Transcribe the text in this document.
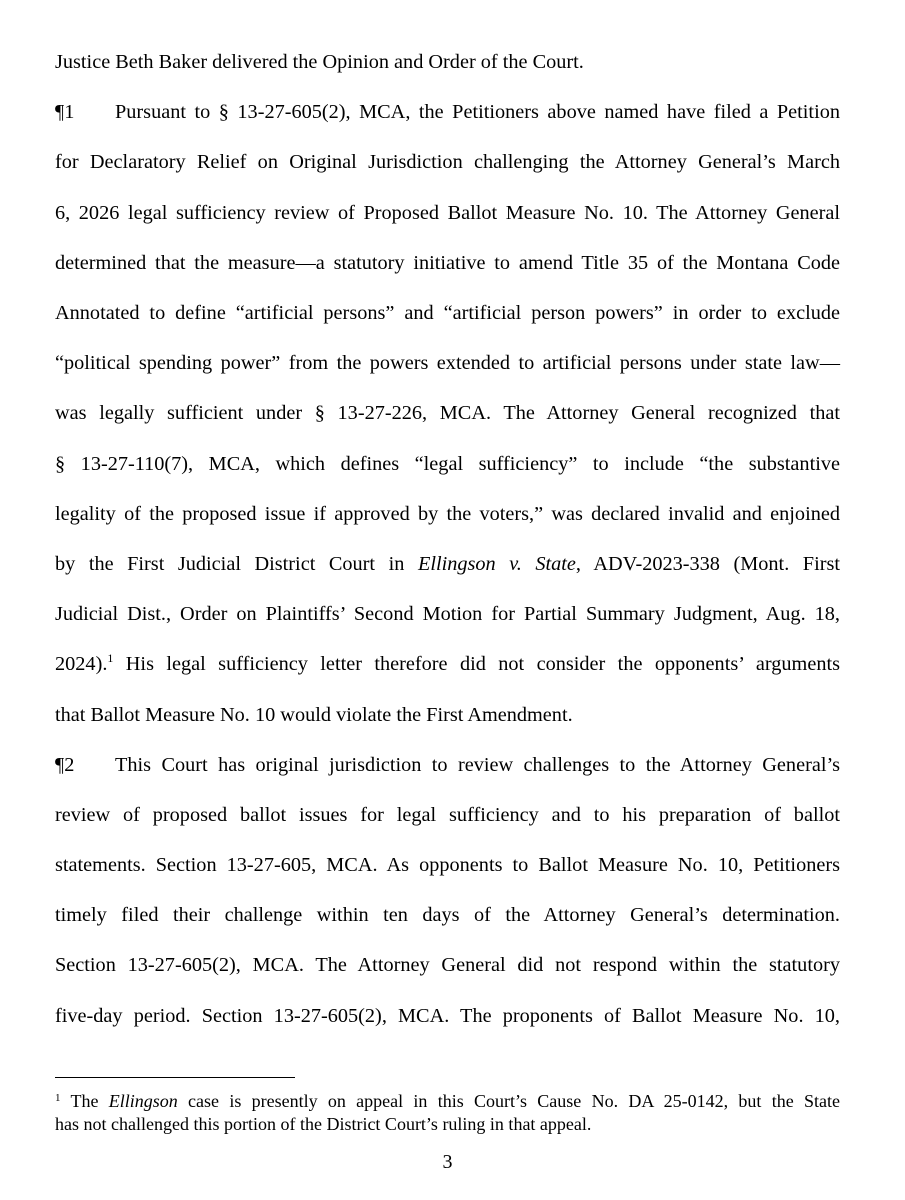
Justice Beth Baker delivered the Opinion and Order of the Court.
¶1 Pursuant to § 13-27-605(2), MCA, the Petitioners above named have filed a Petition
for Declaratory Relief on Original Jurisdiction challenging the Attorney General’s March
6, 2026 legal sufficiency review of Proposed Ballot Measure No. 10. The Attorney General
determined that the measure—a statutory initiative to amend Title 35 of the Montana Code
Annotated to define “artificial persons” and “artificial person powers” in order to exclude
“political spending power” from the powers extended to artificial persons under state law—
was legally sufficient under § 13-27-226, MCA. The Attorney General recognized that
§ 13-27-110(7), MCA, which defines “legal sufficiency” to include “the substantive
legality of the proposed issue if approved by the voters,” was declared invalid and enjoined
by the First Judicial District Court in Ellingson v. State, ADV-2023-338 (Mont. First
Judicial Dist., Order on Plaintiffs’ Second Motion for Partial Summary Judgment, Aug. 18,
2024).$^1$ His legal sufficiency letter therefore did not consider the opponents’ arguments
that Ballot Measure No. 10 would violate the First Amendment.
¶2 This Court has original jurisdiction to review challenges to the Attorney General’s
review of proposed ballot issues for legal sufficiency and to his preparation of ballot
statements. Section 13-27-605, MCA. As opponents to Ballot Measure No. 10, Petitioners
timely filed their challenge within ten days of the Attorney General’s determination.
Section 13-27-605(2), MCA. The Attorney General did not respond within the statutory
five-day period. Section 13-27-605(2), MCA. The proponents of Ballot Measure No. 10,
$^1$ The Ellingson case is presently on appeal in this Court’s Cause No. DA 25-0142, but the State
has not challenged this portion of the District Court’s ruling in that appeal.
3
